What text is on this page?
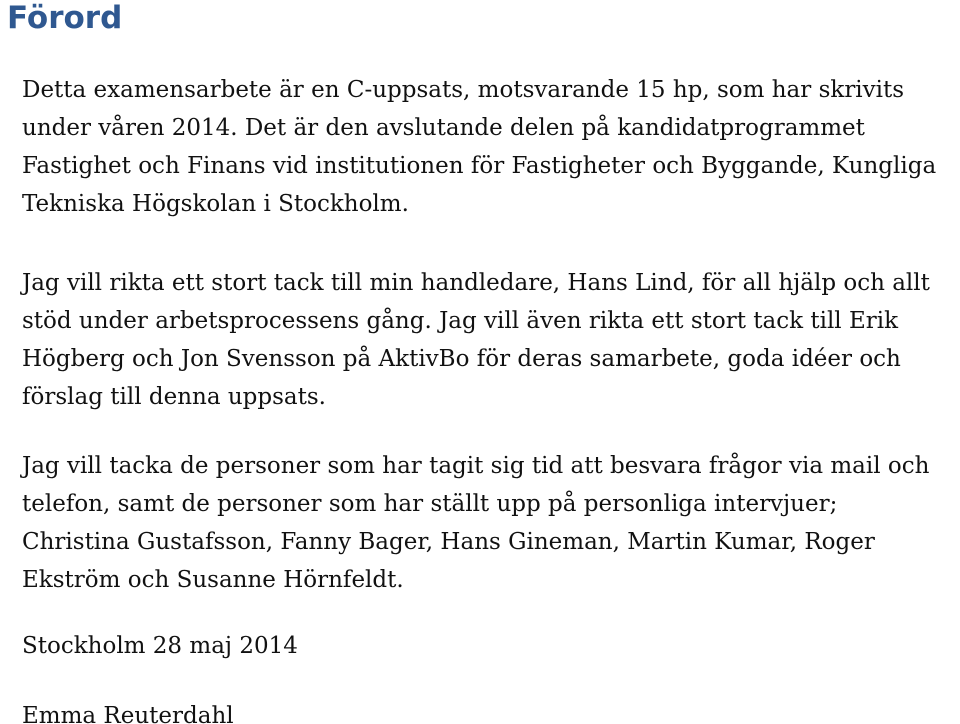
Förord

Detta examensarbete är en C-uppsats, motsvarande 15 hp, som har skrivits
under våren 2014. Det är den avslutande delen på kandidatprogrammet
Fastighet och Finans vid institutionen för Fastigheter och Byggande, Kungliga
Tekniska Högskolan i Stockholm.

Jag vill rikta ett stort tack till min handledare, Hans Lind, för all hjälp och allt
stöd under arbetsprocessens gång. Jag vill även rikta ett stort tack till Erik
Högberg och Jon Svensson på AktivBo för deras samarbete, goda idéer och
förslag till denna uppsats.

Jag vill tacka de personer som har tagit sig tid att besvara frågor via mail och
telefon, samt de personer som har ställt upp på personliga intervjuer;
Christina Gustafsson, Fanny Bager, Hans Gineman, Martin Kumar, Roger
Ekström och Susanne Hörnfeldt.

Stockholm 28 maj 2014

Emma Reuterdahl
